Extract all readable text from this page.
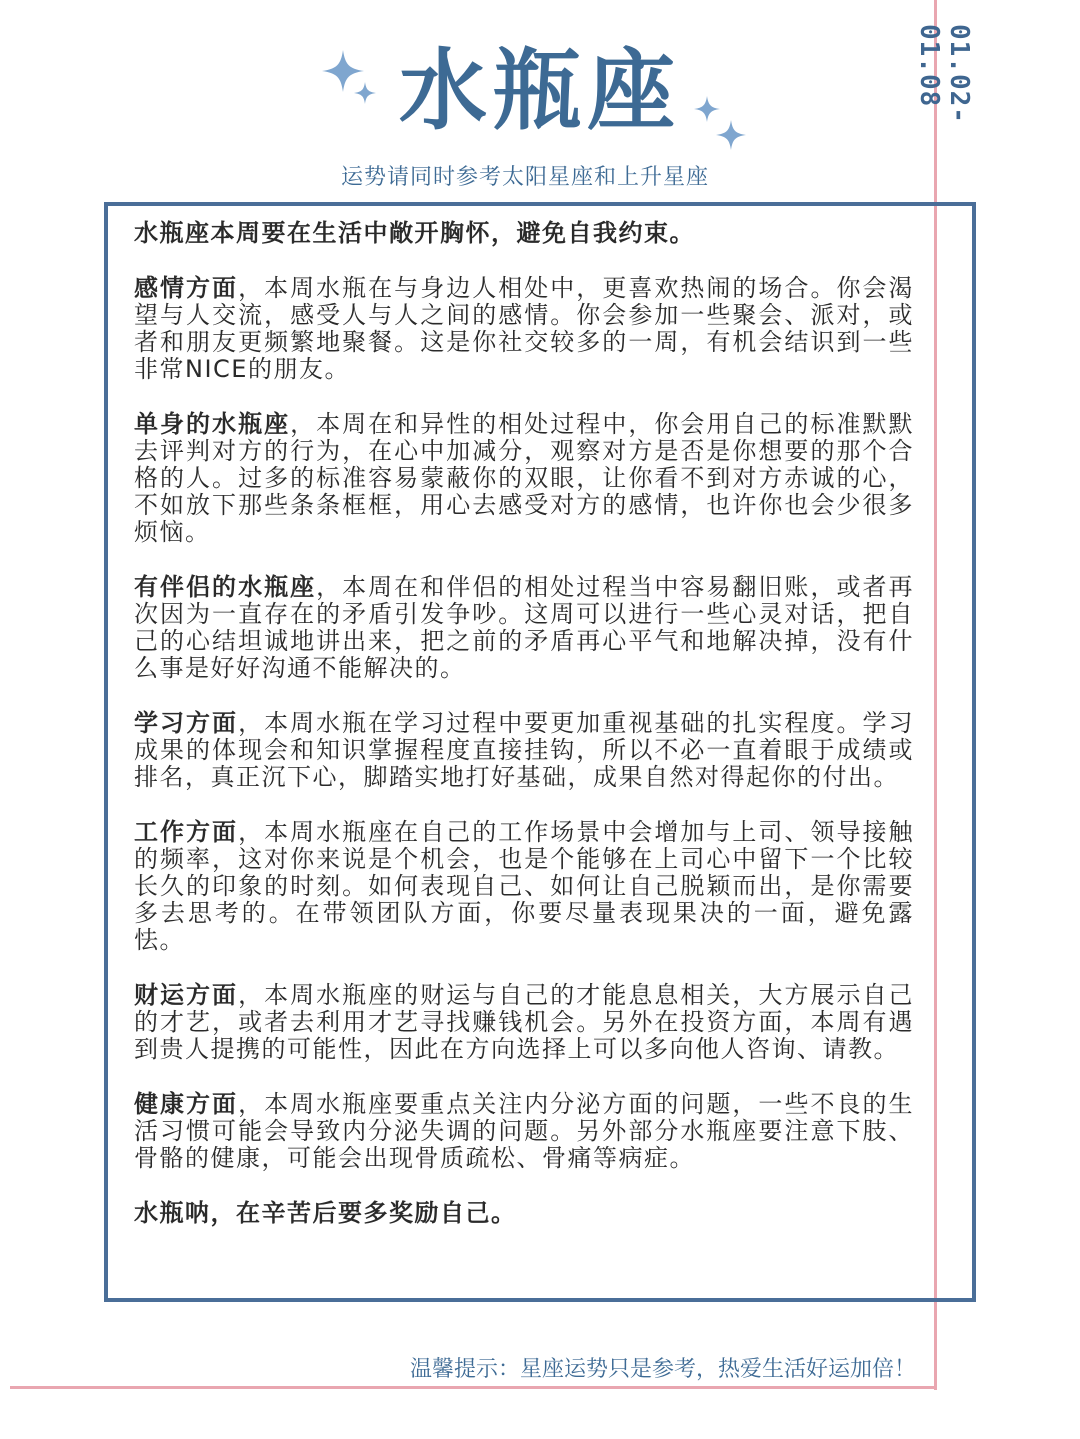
01.02-01.08
水瓶座
运势请同时参考太阳星座和上升星座

水瓶座本周要在生活中敞开胸怀，避免自我约束。

感情方面，本周水瓶在与身边人相处中，更喜欢热闹的场合。你会渴望与人交流，感受人与人之间的感情。你会参加一些聚会、派对，或者和朋友更频繁地聚餐。这是你社交较多的一周，有机会结识到一些非常NICE的朋友。

单身的水瓶座，本周在和异性的相处过程中，你会用自己的标准默默去评判对方的行为，在心中加减分，观察对方是否是你想要的那个合格的人。过多的标准容易蒙蔽你的双眼，让你看不到对方赤诚的心，不如放下那些条条框框，用心去感受对方的感情，也许你也会少很多烦恼。

有伴侣的水瓶座，本周在和伴侣的相处过程当中容易翻旧账，或者再次因为一直存在的矛盾引发争吵。这周可以进行一些心灵对话，把自己的心结坦诚地讲出来，把之前的矛盾再心平气和地解决掉，没有什么事是好好沟通不能解决的。

学习方面，本周水瓶在学习过程中要更加重视基础的扎实程度。学习成果的体现会和知识掌握程度直接挂钩，所以不必一直着眼于成绩或排名，真正沉下心，脚踏实地打好基础，成果自然对得起你的付出。

工作方面，本周水瓶座在自己的工作场景中会增加与上司、领导接触的频率，这对你来说是个机会，也是个能够在上司心中留下一个比较长久的印象的时刻。如何表现自己、如何让自己脱颖而出，是你需要多去思考的。在带领团队方面，你要尽量表现果决的一面，避免露怯。

财运方面，本周水瓶座的财运与自己的才能息息相关，大方展示自己的才艺，或者去利用才艺寻找赚钱机会。另外在投资方面，本周有遇到贵人提携的可能性，因此在方向选择上可以多向他人咨询、请教。

健康方面，本周水瓶座要重点关注内分泌方面的问题，一些不良的生活习惯可能会导致内分泌失调的问题。另外部分水瓶座要注意下肢、骨骼的健康，可能会出现骨质疏松、骨痛等病症。

水瓶呐，在辛苦后要多奖励自己。

温馨提示：星座运势只是参考，热爱生活好运加倍！
